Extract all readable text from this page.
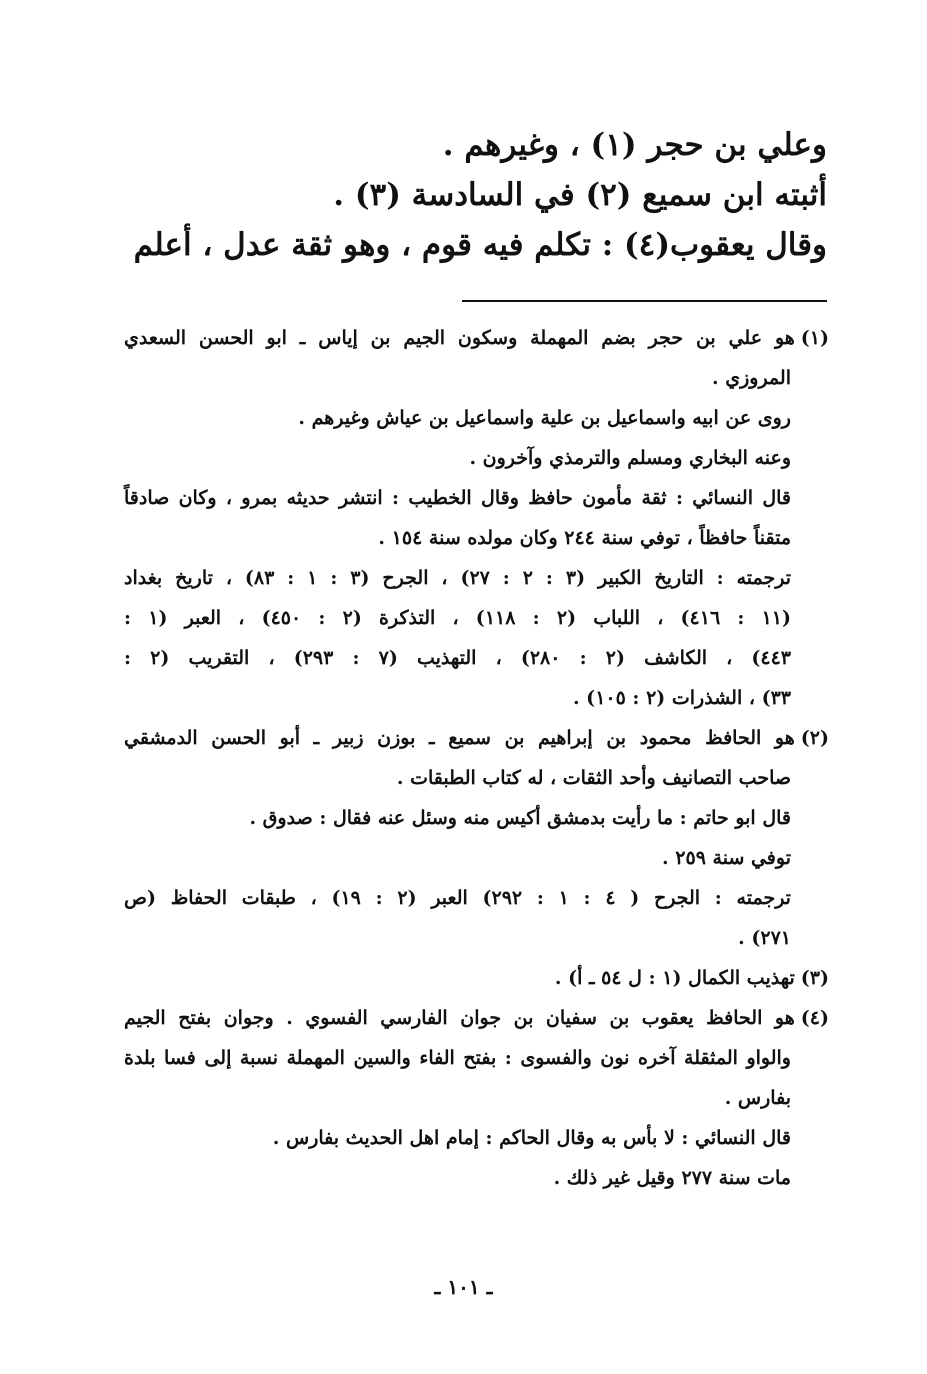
وعلي بن حجر (١) ، وغيرهم .
أثبته ابن سميع (٢) في السادسة (٣) .
وقال يعقوب(٤) : تكلم فيه قوم ، وهو ثقة عدل ، أعلم
(١)هو علي بن حجر بضم المهملة وسكون الجيم بن إياس ـ ابو الحسن السعدي
المروزي .
روى عن ابيه واسماعيل بن علية واسماعيل بن عياش وغيرهم .
وعنه البخاري ومسلم والترمذي وآخرون .
قال النسائي : ثقة مأمون حافظ وقال الخطيب : انتشر حديثه بمرو ، وكان صادقاً
متقناً حافظاً ، توفي سنة ٢٤٤ وكان مولده سنة ١٥٤ .
ترجمته : التاريخ الكبير (٣ : ٢ : ٢٧) ، الجرح (٣ : ١ : ٨٣) ، تاريخ بغداد
(١١ : ٤١٦) ، اللباب (٢ : ١١٨) ، التذكرة (٢ : ٤٥٠) ، العبر (١ :
٤٤٣) ، الكاشف (٢ : ٢٨٠) ، التهذيب (٧ : ٢٩٣) ، التقريب (٢ :
٣٣) ، الشذرات (٢ : ١٠٥) .
(٢)هو الحافظ محمود بن إبراهيم بن سميع ـ بوزن زبير ـ أبو الحسن الدمشقي
صاحب التصانيف وأحد الثقات ، له كتاب الطبقات .
قال ابو حاتم : ما رأيت بدمشق أكيس منه وسئل عنه فقال : صدوق .
توفي سنة ٢٥٩ .
ترجمته : الجرح ( ٤ : ١ : ٢٩٢) العبر (٢ : ١٩) ، طبقات الحفاظ (ص
٢٧١) .
(٣)تهذيب الكمال (١ : ل ٥٤ ـ أ) .
(٤)هو الحافظ يعقوب بن سفيان بن جوان الفارسي الفسوي . وجوان بفتح الجيم
والواو المثقلة آخره نون والفسوى : بفتح الفاء والسين المهملة نسبة إلى فسا بلدة
بفارس .
قال النسائي : لا بأس به وقال الحاكم : إمام اهل الحديث بفارس .
مات سنة ٢٧٧ وقيل غير ذلك .
ـ ١٠١ ـ
